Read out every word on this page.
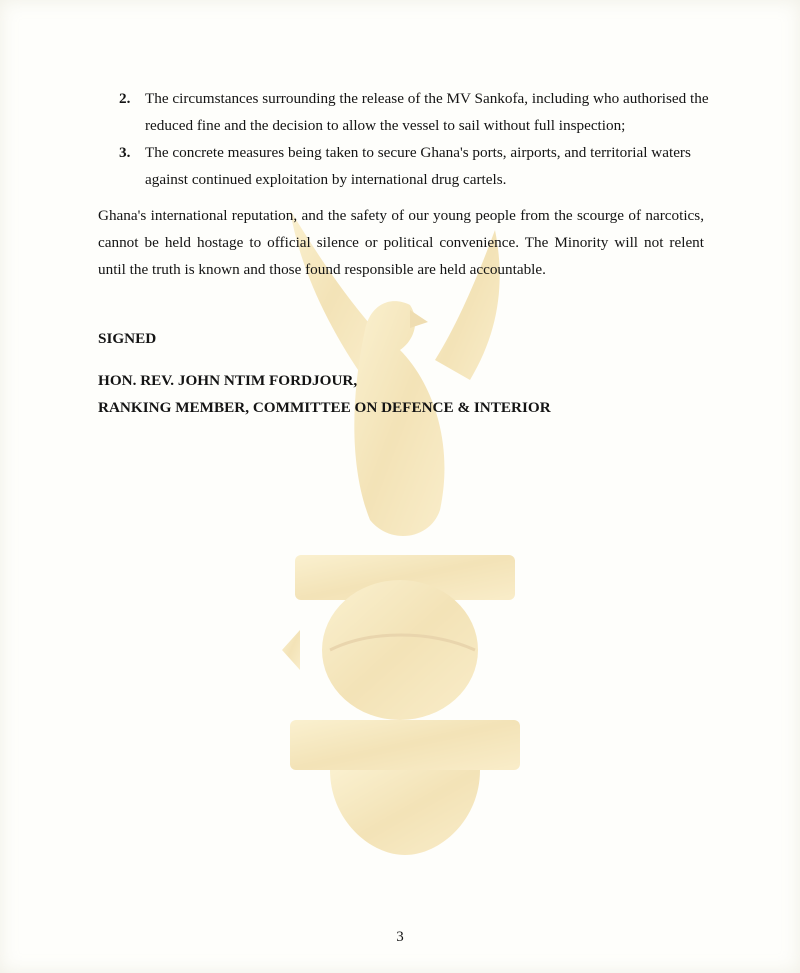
2. The circumstances surrounding the release of the MV Sankofa, including who authorised the reduced fine and the decision to allow the vessel to sail without full inspection;
3. The concrete measures being taken to secure Ghana's ports, airports, and territorial waters against continued exploitation by international drug cartels.
Ghana's international reputation, and the safety of our young people from the scourge of narcotics, cannot be held hostage to official silence or political convenience. The Minority will not relent until the truth is known and those found responsible are held accountable.
SIGNED
HON. REV. JOHN NTIM FORDJOUR,
RANKING MEMBER, COMMITTEE ON DEFENCE & INTERIOR
3
